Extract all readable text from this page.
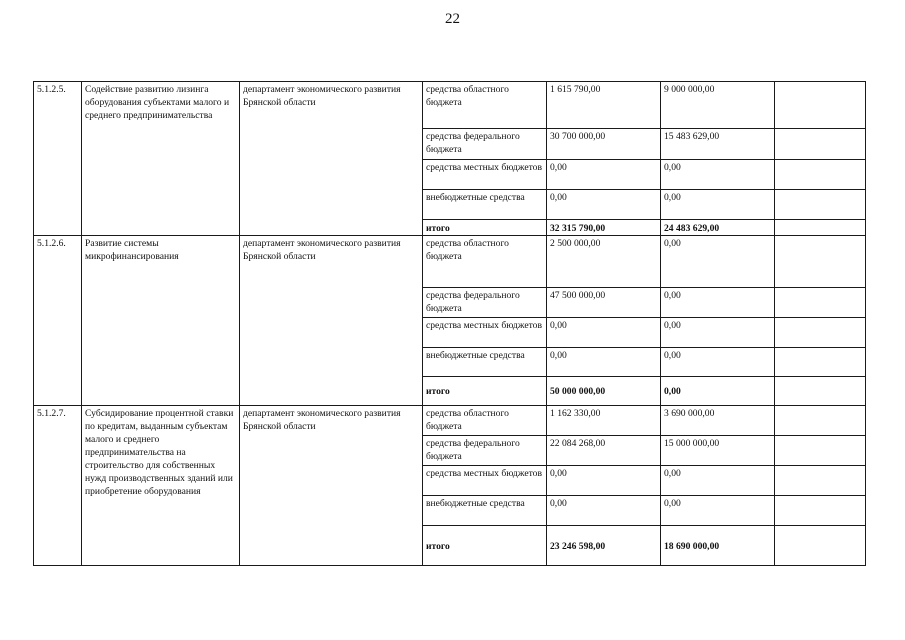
22
5.1.2.5.	Содействие развитию лизинга оборудования субъектами малого и среднего предпринимательства	департамент экономического развития Брянской области	средства областного бюджета	1 615 790,00	9 000 000,00	
			средства федерального бюджета	30 700 000,00	15 483 629,00	
			средства местных бюджетов	0,00	0,00	
			внебюджетные средства	0,00	0,00	
			итого	32 315 790,00	24 483 629,00	
5.1.2.6.	Развитие системы микрофинансирования	департамент экономического развития Брянской области	средства областного бюджета	2 500 000,00	0,00	
			средства федерального бюджета	47 500 000,00	0,00	
			средства местных бюджетов	0,00	0,00	
			внебюджетные средства	0,00	0,00	
			итого	50 000 000,00	0,00	
5.1.2.7.	Субсидирование процентной ставки по кредитам, выданным субъектам малого и среднего предпринимательства на строительство для собственных нужд производственных зданий или приобретение оборудования	департамент экономического развития Брянской области	средства областного бюджета	1 162 330,00	3 690 000,00	
			средства федерального бюджета	22 084 268,00	15 000 000,00	
			средства местных бюджетов	0,00	0,00	
			внебюджетные средства	0,00	0,00	
			итого	23 246 598,00	18 690 000,00	
